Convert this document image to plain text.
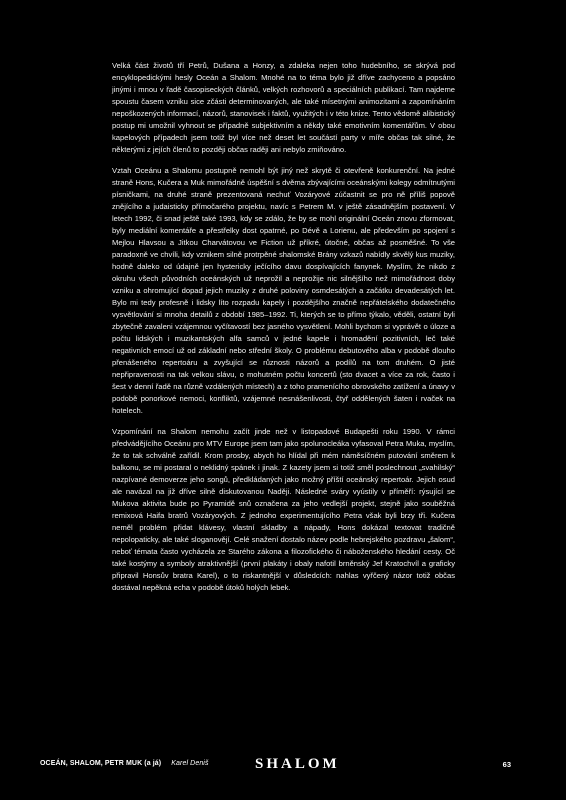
Velká část životů tří Petrů, Dušana a Honzy, a zdaleka nejen toho hudebního, se skrývá pod encyklopedickými hesly Oceán a Shalom. Mnohé na to téma bylo již dříve zachyceno a popsáno jinými i mnou v řadě časopiseckých článků, velkých rozhovorů a speciálních publikací. Tam najdeme spoustu časem vzniku sice zčásti determinovaných, ale také mísetnými animozitami a zapomínáním nepoškozených informací, názorů, stanovisek i faktů, využitých i v této knize. Tento vědomě alibistický postup mi umožnil vyhnout se případně subjektivním a někdy také emotivním komentářům. V obou kapelových případech jsem totiž byl více než deset let součástí party v míře občas tak silné, že některými z jejích členů to později občas raději ani nebylo zmiňováno.

Vztah Oceánu a Shalomu postupně nemohl být jiný než skrytě či otevřeně konkurenční. Na jedné straně Hons, Kučera a Muk mimořádně úspěšní s dvěma zbývajícími oceánskými kolegy odmítnutými písničkami, na druhé straně prezentovaná nechuť Vozáryové zúčastnit se pro ně příliš popově znějícího a judaisticky přímočarého projektu, navíc s Petrem M. v ještě zásadnějším postavení. V letech 1992, či snad ještě také 1993, kdy se zdálo, že by se mohl originální Oceán znovu zformovat, byly mediální komentáře a přestřelky dost opatrné, po Dévě a Lorienu, ale především po spojení s Mejlou Hlavsou a Jitkou Charvátovou ve Fiction už příkré, útočné, občas až posměšné. To vše paradoxně ve chvíli, kdy vznikem silně protrpěné shalomské Brány vzkazů nabídly skvělý kus muziky, hodně daleko od údajně jen hystericky ječícího davu dospívajících fanynek. Myslím, že nikdo z okruhu všech původních oceánských už neprožil a neprožije nic silnějšího než mimořádnost doby vzniku a ohromující dopad jejich muziky z druhé poloviny osmdesátých a začátku devadesátých let. Bylo mi tedy profesně i lidsky líto rozpadu kapely i pozdějšího značně nepřátelského dodatečného vysvětlování si mnoha detailů z období 1985–1992. Ti, kterých se to přímo týkalo, věděli, ostatní byli zbytečně zavaleni vzájemnou vyčítavostí bez jasného vysvětlení. Mohli bychom si vyprávět o úloze a počtu lidských i muzikantských alfa samců v jedné kapele i hromadění pozitivních, leč také negativních emocí už od základní nebo střední školy. O problému debutového alba v podobě dlouho přenášeného repertoáru a zvyšující se různosti názorů a podílů na tom druhém. O jisté nepřipravenosti na tak velkou slávu, o mohutném počtu koncertů (sto dvacet a více za rok, často i šest v denní řadě na různě vzdálených místech) a z toho pramenícího obrovského zatížení a únavy v podobě ponorkové nemoci, konfliktů, vzájemné nesnášenlivosti, čtyř oddělených šaten i rvaček na hotelech.

Vzpomínání na Shalom nemohu začít jinde než v listopadové Budapešti roku 1990. V rámci předvádějícího Oceánu pro MTV Europe jsem tam jako spolunocleáka vyfasoval Petra Muka, myslím, že to tak schválně zařídil. Krom prosby, abych ho hlídal při mém náměsíčném putování směrem k balkonu, se mi postaral o neklidný spánek i jinak. Z kazety jsem si totiž směl poslechnout „svahilský“ nazpívané demoverze jeho songů, předkládaných jako možný příští oceánský repertoár. Jejich osud ale navázal na již dříve silně diskutovanou Naději. Následné sváry vyústily v příměří: rýsující se Mukova aktivita bude po Pyramidě snů označena za jeho vedlejší projekt, stejně jako souběžná remixová Haifa bratrů Vozáryových. Z jednoho experimentujícího Petra však byli brzy tři. Kučera neměl problém přidat klávesy, vlastní skladby a nápady, Hons dokázal textovat tradičně nepolopaticky, ale také sloganovějí. Celé snažení dostalo název podle hebrejského pozdravu „šalom“, neboť témata často vycházela ze Starého zákona a filozofického či náboženského hledání cesty. Oč také kostýmy a symboly atraktivnější (první plakáty i obaly nafotil brněnský Jef Kratochvíl a graficky připravil Honsův bratra Karel), o to riskantnější v důsledcích: nahlas vyřčený názor totiž občas dostával nepěkná echa v podobě útoků holých lebek.

OCEÁN, SHALOM, PETR MUK (a já) Karel Deniš	SHALOM	63
